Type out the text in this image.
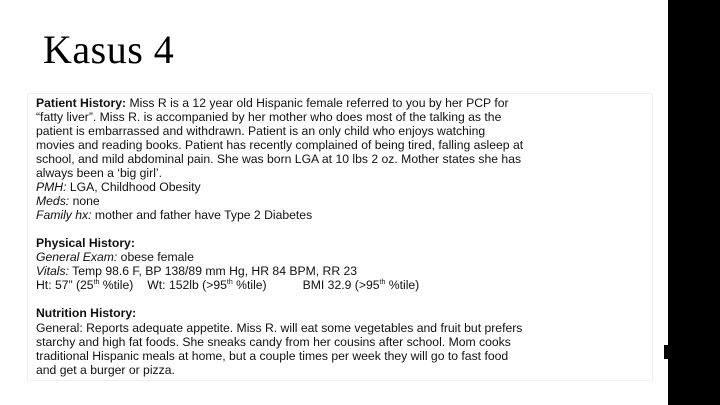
Kasus 4
Patient History: Miss R is a 12 year old Hispanic female referred to you by her PCP for
“fatty liver”. Miss R. is accompanied by her mother who does most of the talking as the
patient is embarrassed and withdrawn. Patient is an only child who enjoys watching
movies and reading books. Patient has recently complained of being tired, falling asleep at
school, and mild abdominal pain. She was born LGA at 10 lbs 2 oz. Mother states she has
always been a ‘big girl’.
PMH: LGA, Childhood Obesity
Meds: none
Family hx: mother and father have Type 2 Diabetes
Physical History:
General Exam: obese female
Vitals: Temp 98.6 F, BP 138/89 mm Hg, HR 84 BPM, RR 23
Ht: 57” (25th %tile) Wt: 152lb (>95th %tile)	BMI 32.9 (>95th %tile)
Nutrition History:
General: Reports adequate appetite. Miss R. will eat some vegetables and fruit but prefers
starchy and high fat foods. She sneaks candy from her cousins after school. Mom cooks
traditional Hispanic meals at home, but a couple times per week they will go to fast food
and get a burger or pizza.
